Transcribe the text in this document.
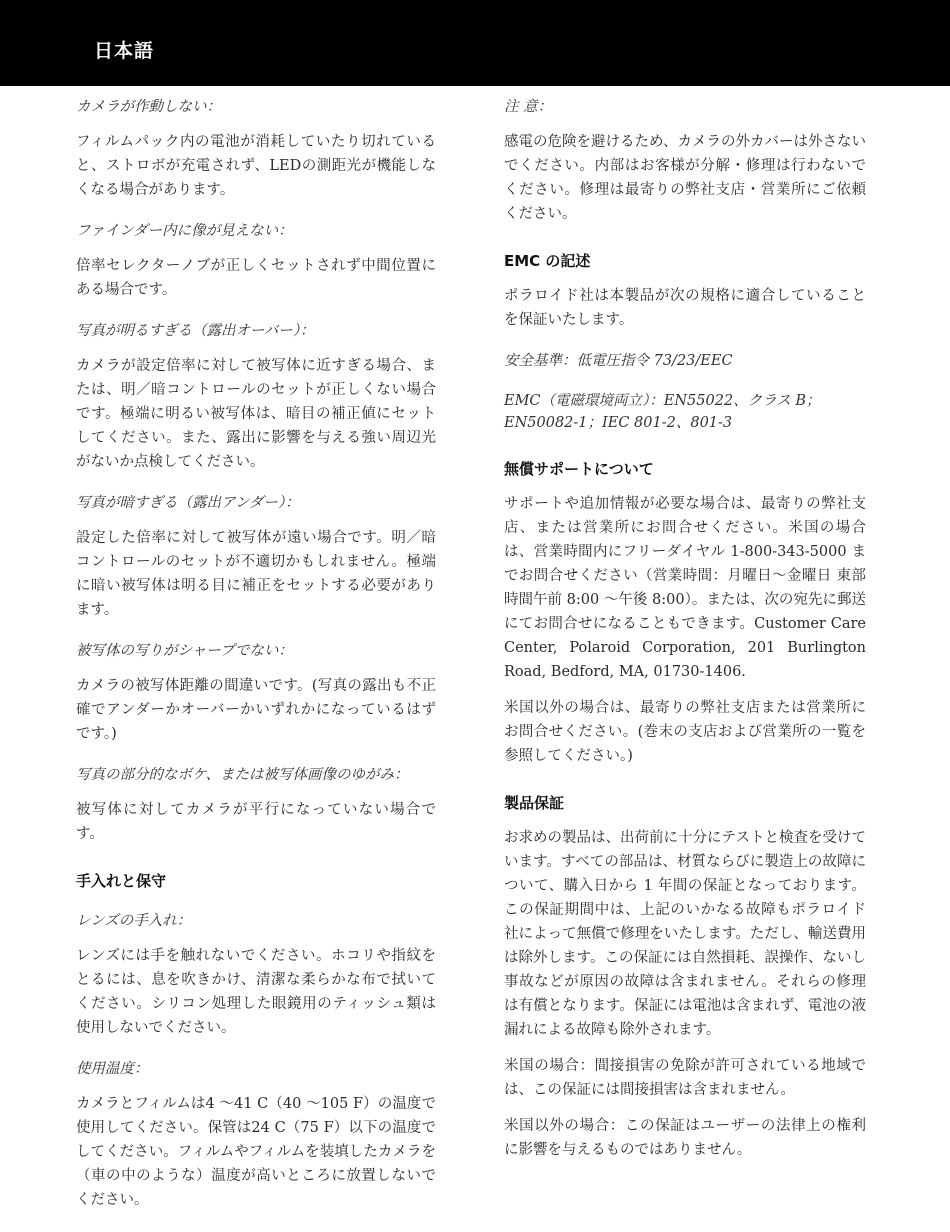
日本語
カメラが作動しない：
フィルムパック内の電池が消耗していたり切れていると、ストロボが充電されず、LEDの測距光が機能しなくなる場合があります。
ファインダー内に像が見えない：
倍率セレクターノブが正しくセットされず中間位置にある場合です。
写真が明るすぎる（露出オーバー）：
カメラが設定倍率に対して被写体に近すぎる場合、または、明／暗コントロールのセットが正しくない場合です。極端に明るい被写体は、暗目の補正値にセットしてください。また、露出に影響を与える強い周辺光がないか点検してください。
写真が暗すぎる（露出アンダー）：
設定した倍率に対して被写体が遠い場合です。明／暗コントロールのセットが不適切かもしれません。極端に暗い被写体は明る目に補正をセットする必要があります。
被写体の写りがシャープでない：
カメラの被写体距離の間違いです。(写真の露出も不正確でアンダーかオーバーかいずれかになっているはずです。)
写真の部分的なボケ、または被写体画像のゆがみ：
被写体に対してカメラが平行になっていない場合です。
手入れと保守
レンズの手入れ：
レンズには手を触れないでください。ホコリや指紋をとるには、息を吹きかけ、清潔な柔らかな布で拭いてください。シリコン処理した眼鏡用のティッシュ類は使用しないでください。
使用温度：
カメラとフィルムは4 ～41 C（40 ～105 F）の温度で使用してください。保管は24 C（75 F）以下の温度でしてください。フィルムやフィルムを装填したカメラを（車の中のような）温度が高いところに放置しないでください。
注 意：
感電の危険を避けるため、カメラの外カバーは外さないでください。内部はお客様が分解・修理は行わないでください。修理は最寄りの弊社支店・営業所にご依頼ください。
EMC の記述
ポラロイド社は本製品が次の規格に適合していることを保証いたします。
安全基準：低電圧指令 73/23/EEC
EMC（電磁環境両立）：EN55022、クラス B；EN50082-1；IEC 801-2、801-3
無償サポートについて
サポートや追加情報が必要な場合は、最寄りの弊社支店、または営業所にお問合せください。米国の場合は、営業時間内にフリーダイヤル 1-800-343-5000 までお問合せください（営業時間：月曜日～金曜日 東部時間午前 8:00 ～午後 8:00）。または、次の宛先に郵送にてお問合せになることもできます。Customer Care Center, Polaroid Corporation, 201 Burlington Road, Bedford, MA, 01730-1406.
米国以外の場合は、最寄りの弊社支店または営業所にお問合せください。(巻末の支店および営業所の一覧を参照してください。)
製品保証
お求めの製品は、出荷前に十分にテストと検査を受けています。すべての部品は、材質ならびに製造上の故障について、購入日から 1 年間の保証となっております。この保証期間中は、上記のいかなる故障もポラロイド社によって無償で修理をいたします。ただし、輸送費用は除外します。この保証には自然損耗、誤操作、ないし事故などが原因の故障は含まれません。それらの修理は有償となります。保証には電池は含まれず、電池の液漏れによる故障も除外されます。
米国の場合：間接損害の免除が許可されている地域では、この保証には間接損害は含まれません。
米国以外の場合：この保証はユーザーの法律上の権利に影響を与えるものではありません。
